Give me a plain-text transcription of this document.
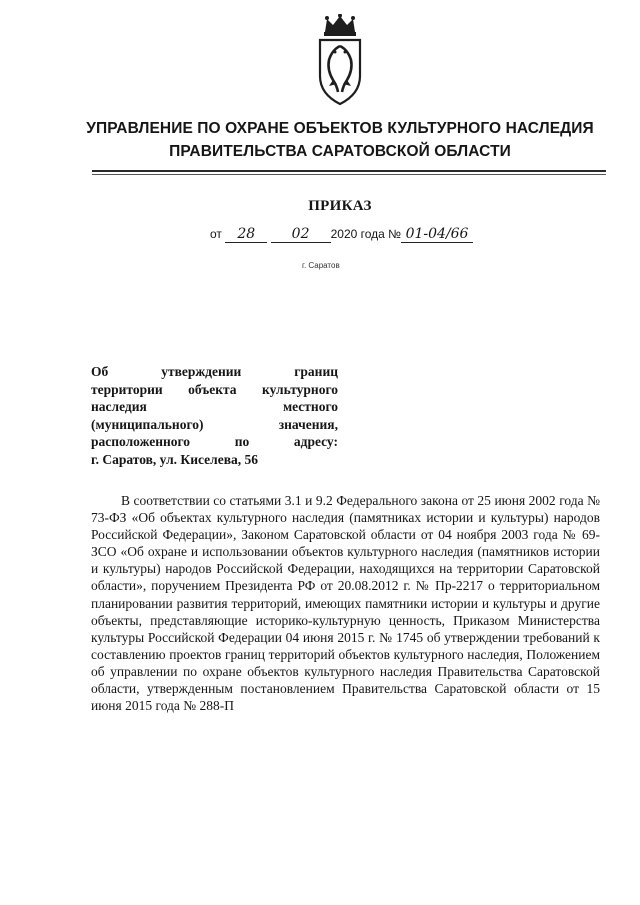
УПРАВЛЕНИЕ ПО ОХРАНЕ ОБЪЕКТОВ КУЛЬТУРНОГО НАСЛЕДИЯ
ПРАВИТЕЛЬСТВА САРАТОВСКОЙ ОБЛАСТИ
ПРИКАЗ
от 28	02 2020 года № 01-04/66
г. Саратов
Об утверждении границ
территории объекта культурного
наследия местного
(муниципального) значения,
расположенного по адресу:
г. Саратов, ул. Киселева, 56
В соответствии со статьями 3.1 и 9.2 Федерального закона от 25 июня 2002 года № 73-ФЗ «Об объектах культурного наследия (памятниках истории и культуры) народов Российской Федерации», Законом Саратовской области от 04 ноября 2003 года № 69-ЗСО «Об охране и использовании объектов культурного наследия (памятников истории и культуры) народов Российской Федерации, находящихся на территории Саратовской области», поручением Президента РФ от 20.08.2012 г. № Пр-2217 о территориальном планировании развития территорий, имеющих памятники истории и культуры и другие объекты, представляющие историко-культурную ценность, Приказом Министерства культуры Российской Федерации 04 июня 2015 г. № 1745 об утверждении требований к составлению проектов границ территорий объектов культурного наследия, Положением об управлении по охране объектов культурного наследия Правительства Саратовской области, утвержденным постановлением Правительства Саратовской области от 15 июня 2015 года № 288-П
